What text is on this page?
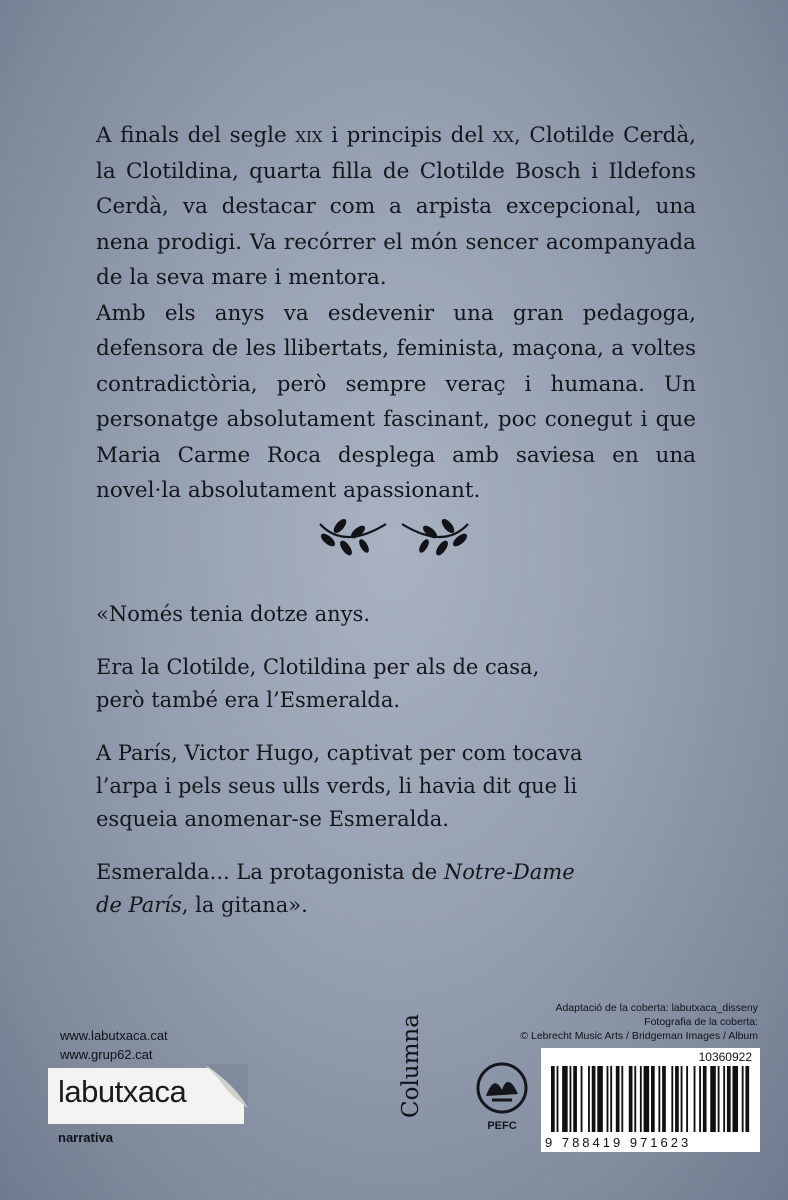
A finals del segle xix i principis del xx, Clotilde Cerdà, la Clotildina, quarta filla de Clotilde Bosch i Ildefons Cerdà, va destacar com a arpista excepcional, una nena prodigi. Va recórrer el món sencer acompanyada de la seva mare i mentora.

Amb els anys va esdevenir una gran pedagoga, defensora de les llibertats, feminista, maçona, a voltes contradictòria, però sempre veraç i humana. Un personatge absolutament fascinant, poc conegut i que Maria Carme Roca desplega amb saviesa en una novel·la absolutament apassionant.

«Només tenia dotze anys.

Era la Clotilde, Clotildina per als de casa,
però també era l’Esmeralda.

A París, Victor Hugo, captivat per com tocava
l’arpa i pels seus ulls verds, li havia dit que li
esqueia anomenar-se Esmeralda.

Esmeralda... La protagonista de Notre-Dame
de París, la gitana».

Adaptació de la coberta: labutxaca_disseny
Fotografia de la coberta:
© Lebrecht Music Arts / Bridgeman Images / Album
www.labutxaca.cat
www.grup62.cat
labutxaca
narrativa
Columna
PEFC
10360922
9 788419 971623
